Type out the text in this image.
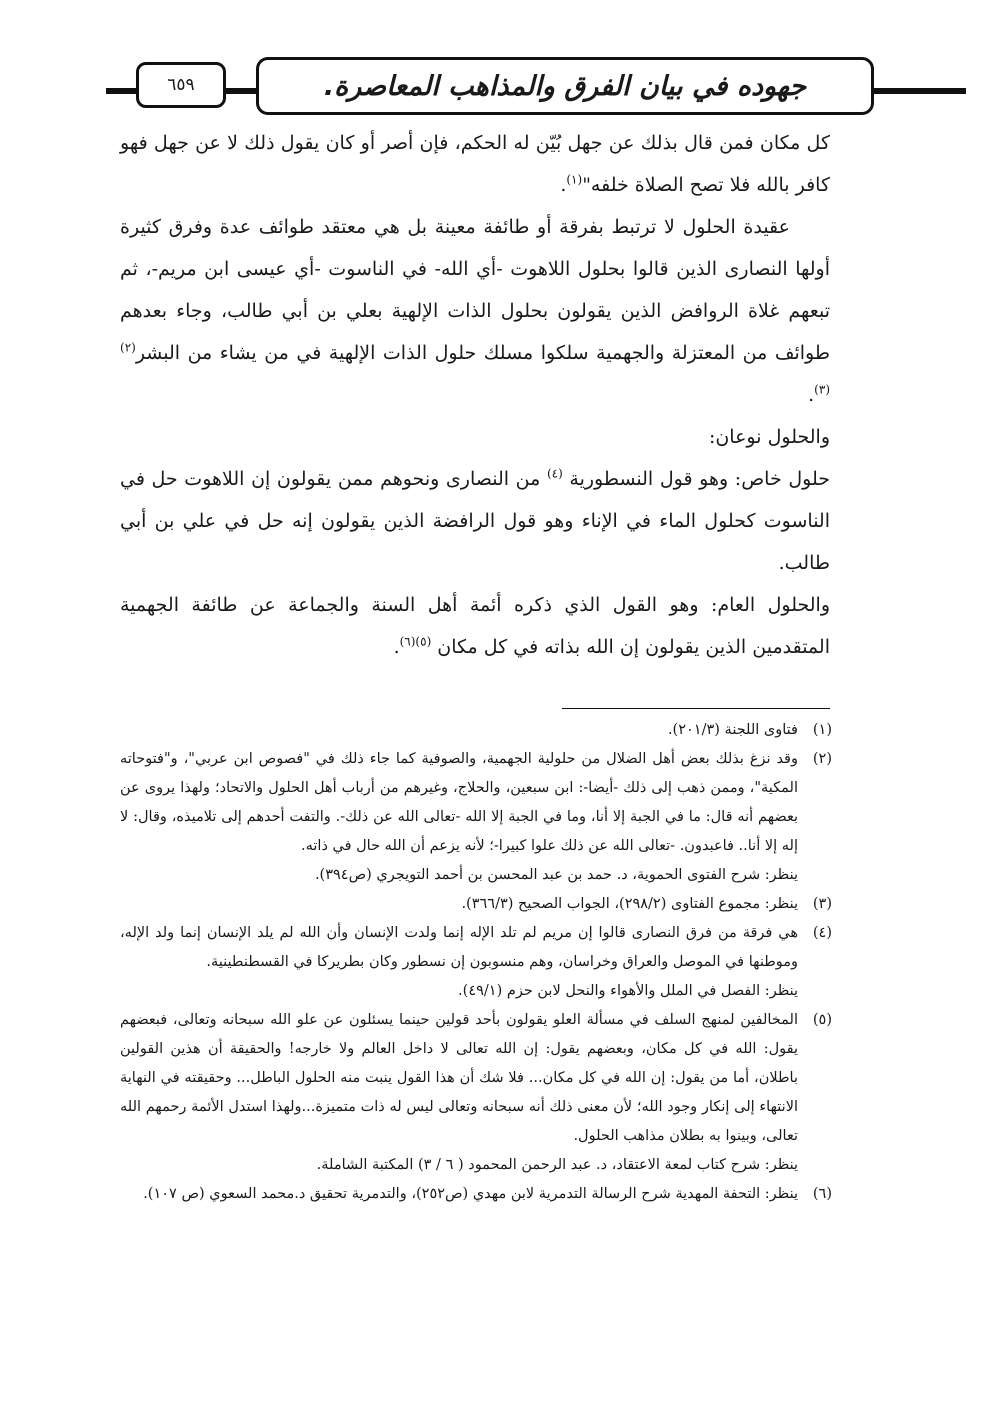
٦٥٩	جهوده في بيان الفرق والمذاهب المعاصرة.

كل مكان فمن قال بذلك عن جهل بُيّن له الحكم، فإن أصر أو كان يقول ذلك لا عن جهل فهو كافر بالله فلا تصح الصلاة خلفه"$^{(١)}$.

عقيدة الحلول لا ترتبط بفرقة أو طائفة معينة بل هي معتقد طوائف عدة وفرق كثيرة أولها النصارى الذين قالوا بحلول اللاهوت -أي الله- في الناسوت -أي عيسى ابن مريم-، ثم تبعهم غلاة الروافض الذين يقولون بحلول الذات الإلهية بعلي بن أبي طالب، وجاء بعدهم طوائف من المعتزلة والجهمية سلكوا مسلك حلول الذات الإلهية في من يشاء من البشر$^{(٢)(٣)}$.

والحلول نوعان:

حلول خاص: وهو قول النسطورية $^{(٤)}$ من النصارى ونحوهم ممن يقولون إن اللاهوت حل في الناسوت كحلول الماء في الإناء وهو قول الرافضة الذين يقولون إنه حل في علي بن أبي طالب.

والحلول العام: وهو القول الذي ذكره أئمة أهل السنة والجماعة عن طائفة الجهمية المتقدمين الذين يقولون إن الله بذاته في كل مكان $^{(٥)(٦)}$.

(١)
فتاوى اللجنة (٢٠١/٣).
(٢)
وقد نزغ بذلك بعض أهل الضلال من حلولية الجهمية، والصوفية كما جاء ذلك في "فصوص ابن عربي"، و"فتوحاته المكية"، وممن ذهب إلى ذلك -أيضا-: ابن سبعين، والحلاج، وغيرهم من أرباب أهل الحلول والاتحاد؛ ولهذا يروى عن بعضهم أنه قال: ما في الجبة إلا أنا، وما في الجبة إلا الله -تعالى الله عن ذلك-. والتفت أحدهم إلى تلاميذه، وقال: لا إله إلا أنا.. فاعبدون. -تعالى الله عن ذلك علوا كبيرا-؛ لأنه يزعم أن الله حال في ذاته.
ينظر: شرح الفتوى الحموية، د. حمد بن عبد المحسن بن أحمد التويجري (ص٣٩٤).
(٣)
ينظر: مجموع الفتاوى (٢٩٨/٢)، الجواب الصحيح (٣٦٦/٣).
(٤)
هي فرقة من فرق النصارى قالوا إن مريم لم تلد الإله إنما ولدت الإنسان وأن الله لم يلد الإنسان إنما ولد الإله، وموطنها في الموصل والعراق وخراسان، وهم منسوبون إن نسطور وكان بطريركا في القسطنطينية.
ينظر: الفصل في الملل والأهواء والنحل لابن حزم (٤٩/١).
(٥)
المخالفين لمنهج السلف في مسألة العلو يقولون بأحد قولين حينما يسئلون عن علو الله سبحانه وتعالى، فبعضهم يقول: الله في كل مكان، وبعضهم يقول: إن الله تعالى لا داخل العالم ولا خارجه! والحقيقة أن هذين القولين باطلان، أما من يقول: إن الله في كل مكان... فلا شك أن هذا القول ينبت منه الحلول الباطل... وحقيقته في النهاية الانتهاء إلى إنكار وجود الله؛ لأن معنى ذلك أنه سبحانه وتعالى ليس له ذات متميزة...ولهذا استدل الأئمة رحمهم الله تعالى، وبينوا به بطلان مذاهب الحلول.
ينظر: شرح كتاب لمعة الاعتقاد، د. عبد الرحمن المحمود ( ٦ / ٣) المكتبة الشاملة.
(٦)
ينظر: التحفة المهدية شرح الرسالة التدمرية لابن مهدي (ص٢٥٢)، والتدمرية تحقيق د.محمد السعوي (ص ١٠٧).
